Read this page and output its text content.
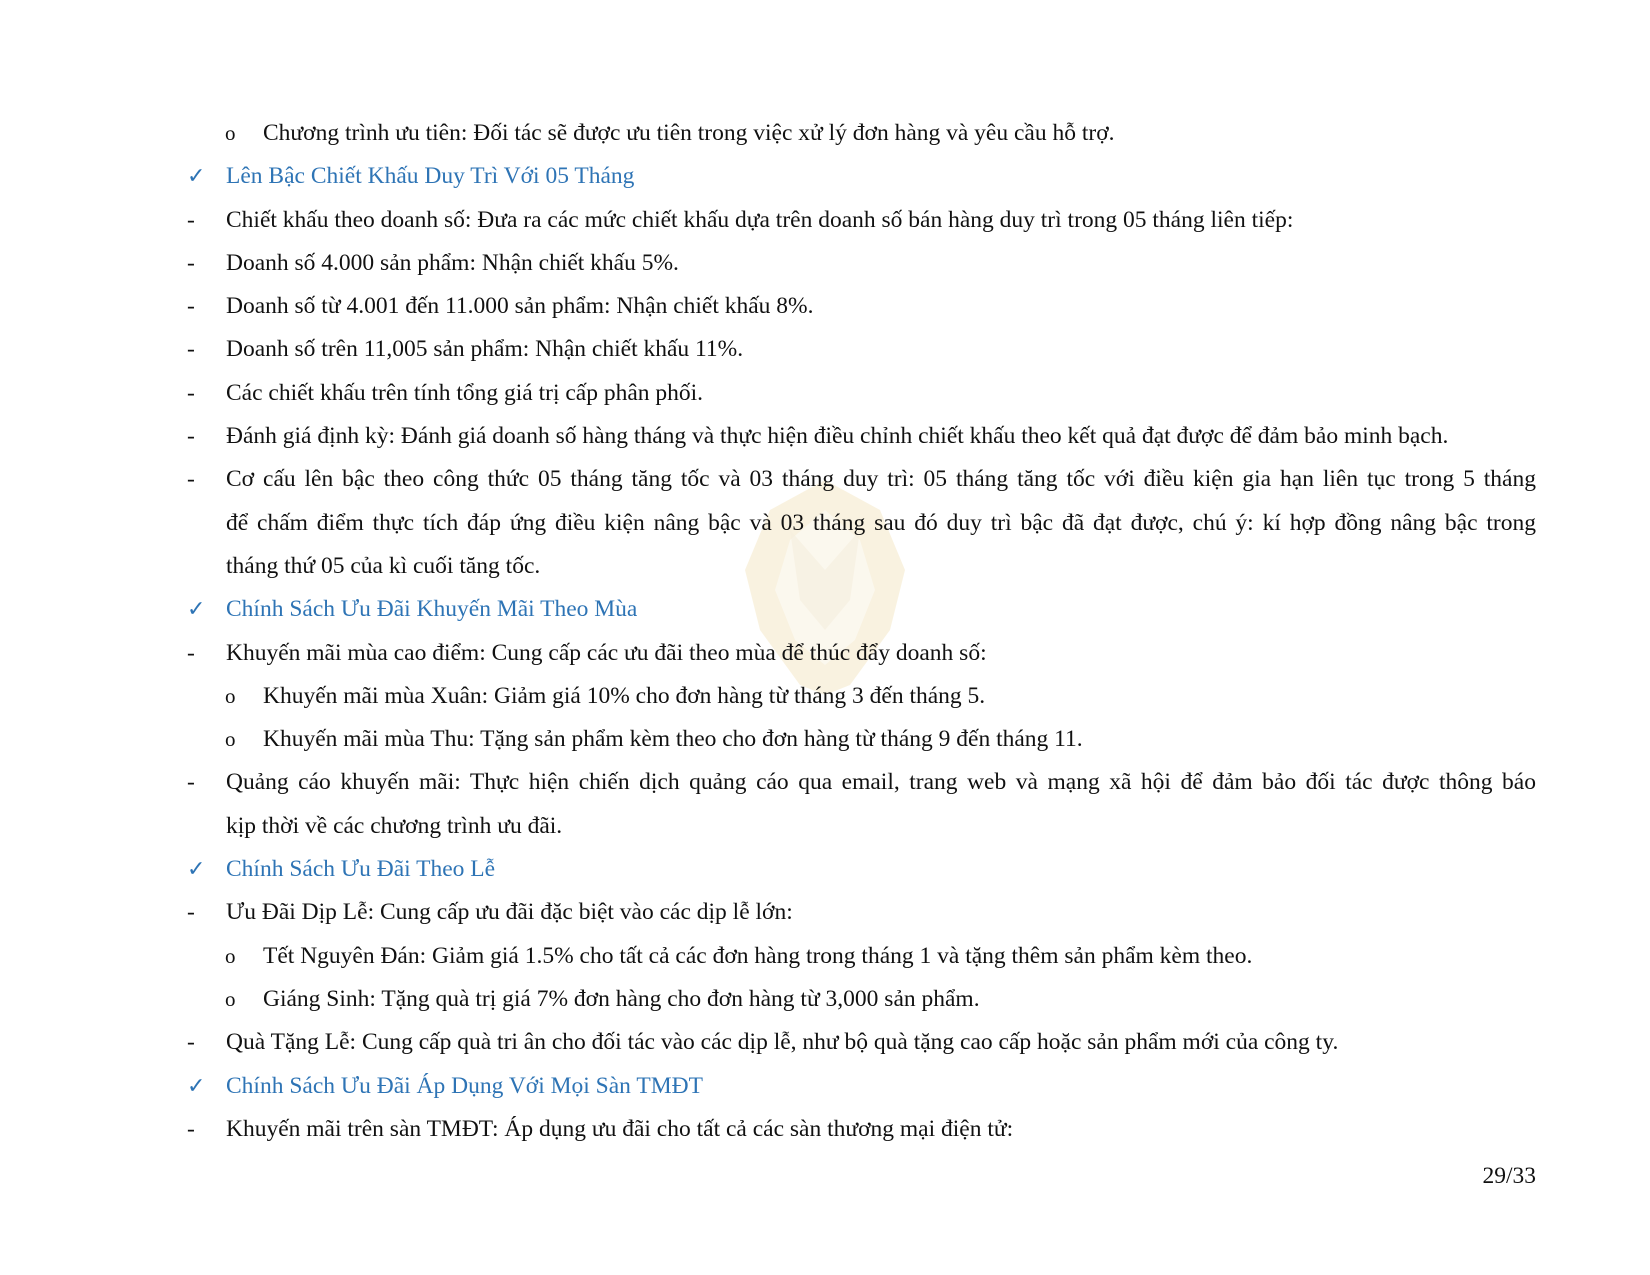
o Chương trình ưu tiên: Đối tác sẽ được ưu tiên trong việc xử lý đơn hàng và yêu cầu hỗ trợ.
✓ Lên Bậc Chiết Khấu Duy Trì Với 05 Tháng
- Chiết khấu theo doanh số: Đưa ra các mức chiết khấu dựa trên doanh số bán hàng duy trì trong 05 tháng liên tiếp:
- Doanh số 4.000 sản phẩm: Nhận chiết khấu 5%.
- Doanh số từ 4.001 đến 11.000 sản phẩm: Nhận chiết khấu 8%.
- Doanh số trên 11,005 sản phẩm: Nhận chiết khấu 11%.
- Các chiết khấu trên tính tổng giá trị cấp phân phối.
- Đánh giá định kỳ: Đánh giá doanh số hàng tháng và thực hiện điều chỉnh chiết khấu theo kết quả đạt được để đảm bảo minh bạch.
- Cơ cấu lên bậc theo công thức 05 tháng tăng tốc và 03 tháng duy trì: 05 tháng tăng tốc với điều kiện gia hạn liên tục trong 5 tháng
để chấm điểm thực tích đáp ứng điều kiện nâng bậc và 03 tháng sau đó duy trì bậc đã đạt được, chú ý: kí hợp đồng nâng bậc trong
tháng thứ 05 của kì cuối tăng tốc.
✓ Chính Sách Ưu Đãi Khuyến Mãi Theo Mùa
- Khuyến mãi mùa cao điểm: Cung cấp các ưu đãi theo mùa để thúc đẩy doanh số:
o Khuyến mãi mùa Xuân: Giảm giá 10% cho đơn hàng từ tháng 3 đến tháng 5.
o Khuyến mãi mùa Thu: Tặng sản phẩm kèm theo cho đơn hàng từ tháng 9 đến tháng 11.
- Quảng cáo khuyến mãi: Thực hiện chiến dịch quảng cáo qua email, trang web và mạng xã hội để đảm bảo đối tác được thông báo
kịp thời về các chương trình ưu đãi.
✓ Chính Sách Ưu Đãi Theo Lễ
- Ưu Đãi Dịp Lễ: Cung cấp ưu đãi đặc biệt vào các dịp lễ lớn:
o Tết Nguyên Đán: Giảm giá 1.5% cho tất cả các đơn hàng trong tháng 1 và tặng thêm sản phẩm kèm theo.
o Giáng Sinh: Tặng quà trị giá 7% đơn hàng cho đơn hàng từ 3,000 sản phẩm.
- Quà Tặng Lễ: Cung cấp quà tri ân cho đối tác vào các dịp lễ, như bộ quà tặng cao cấp hoặc sản phẩm mới của công ty.
✓ Chính Sách Ưu Đãi Áp Dụng Với Mọi Sàn TMĐT
- Khuyến mãi trên sàn TMĐT: Áp dụng ưu đãi cho tất cả các sàn thương mại điện tử:
29/33
